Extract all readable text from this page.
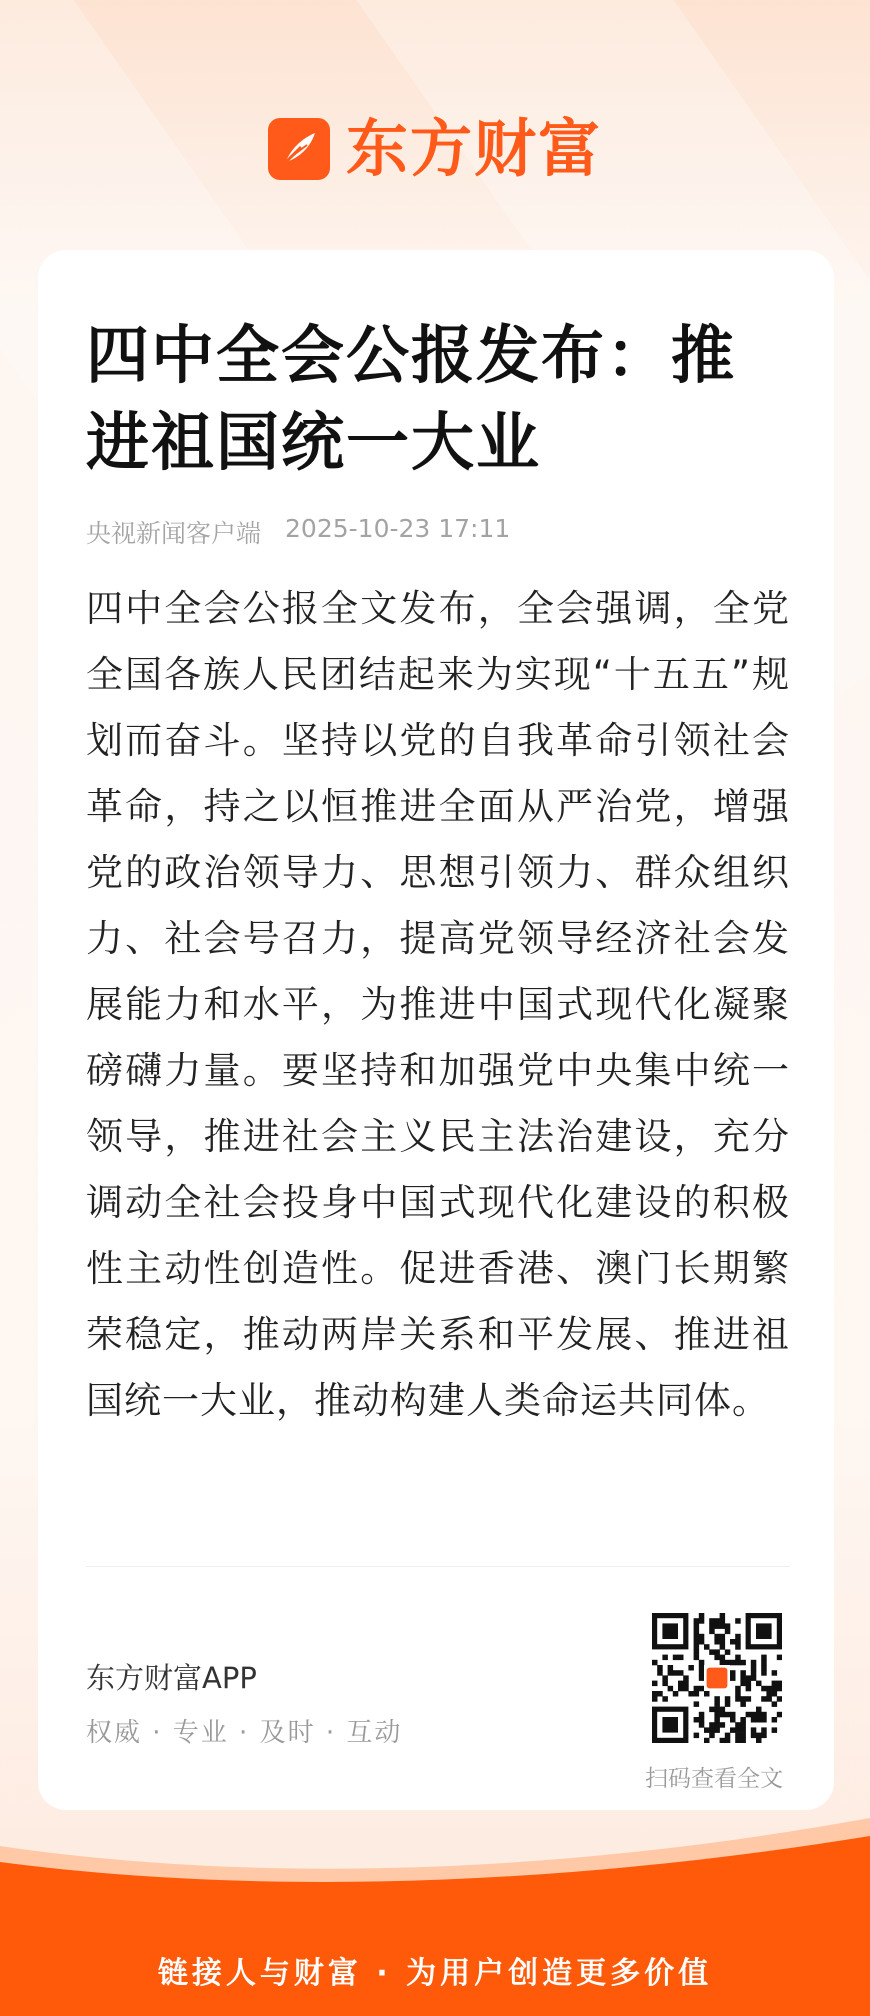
东方财富
四中全会公报发布：推进祖国统一大业
央视新闻客户端 2025-10-23 17:11

四中全会公报全文发布，全会强调，全党全国各族人民团结起来为实现“十五五”规划而奋斗。坚持以党的自我革命引领社会革命，持之以恒推进全面从严治党，增强党的政治领导力、思想引领力、群众组织力、社会号召力，提高党领导经济社会发展能力和水平，为推进中国式现代化凝聚磅礴力量。要坚持和加强党中央集中统一领导，推进社会主义民主法治建设，充分调动全社会投身中国式现代化建设的积极性主动性创造性。促进香港、澳门长期繁荣稳定，推动两岸关系和平发展、推进祖国统一大业，推动构建人类命运共同体。

东方财富APP
权威 · 专业 · 及时 · 互动
扫码查看全文
链接人与财富 · 为用户创造更多价值
